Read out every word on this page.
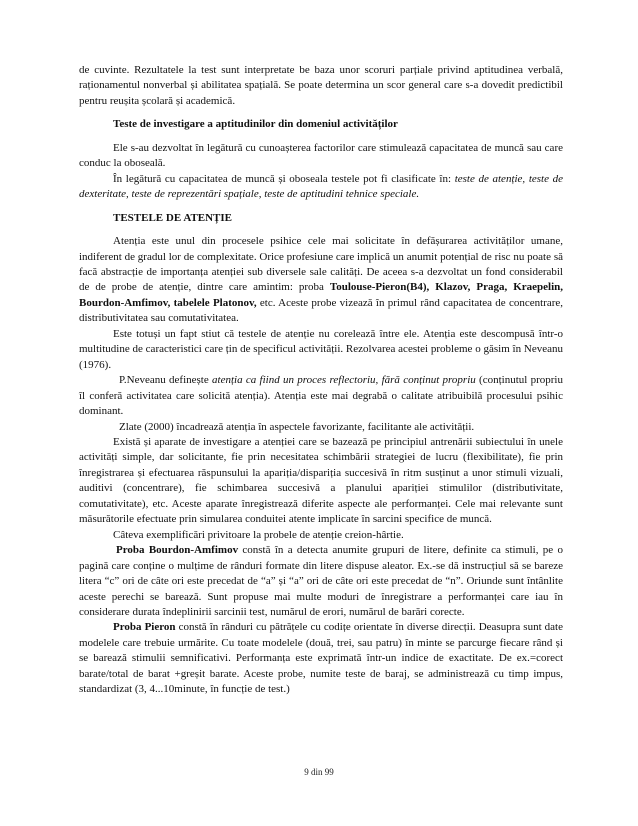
de cuvinte. Rezultatele la test sunt interpretate be baza unor scoruri parțiale privind aptitudinea verbală, raționamentul nonverbal și abilitatea spațială. Se poate determina un scor general care s-a dovedit predictibil pentru reușita școlară și academică.

Teste de investigare a aptitudinilor din domeniul activităților

Ele s-au dezvoltat în legătură cu cunoașterea factorilor care stimulează capacitatea de muncă sau care conduc la oboseală.

În legătură cu capacitatea de muncă și oboseala testele pot fi clasificate în: teste de atenție, teste de dexteritate, teste de reprezentări spațiale, teste de aptitudini tehnice speciale.

TESTELE DE ATENȚIE

Atenția este unul din procesele psihice cele mai solicitate în defășurarea activităților umane, indiferent de gradul lor de complexitate. Orice profesiune care implică un anumit potențial de risc nu poate să facă abstracție de importanța atenției sub diversele sale calități. De aceea s-a dezvoltat un fond considerabil de de probe de atenție, dintre care amintim: proba Toulouse-Pieron(B4), Klazov, Praga, Kraepelin, Bourdon-Amfimov, tabelele Platonov, etc. Aceste probe vizează în primul rând capacitatea de concentrare, distributivitatea sau comutativitatea.

Este totuși un fapt stiut că testele de atenție nu corelează între ele. Atenția este descompusă într-o multitudine de caracteristici care țin de specificul activității. Rezolvarea acestei probleme o găsim în Neveanu (1976).

P.Neveanu definește atenția ca fiind un proces reflectoriu, fără conținut propriu (conținutul propriu îl conferă activitatea care solicită atenția). Atenția este mai degrabă o calitate atribuibilă procesului psihic dominant.

Zlate (2000) încadrează atenția în aspectele favorizante, facilitante ale activității.

Există și aparate de investigare a atenției care se bazează pe principiul antrenării subiectului în unele activități simple, dar solicitante, fie prin necesitatea schimbării strategiei de lucru (flexibilitate), fie prin înregistrarea și efectuarea răspunsului la apariția/dispariția succesivă în ritm susținut a unor stimuli vizuali, auditivi (concentrare), fie schimbarea succesivă a planului apariției stimulilor (distributivitate, comutativitate), etc. Aceste aparate înregistrează diferite aspecte ale performanței. Cele mai relevante sunt măsurătorile efectuate prin simularea conduitei atente implicate în sarcini specifice de muncă.

Câteva exemplificări privitoare la probele de atenție creion-hârtie.

Proba Bourdon-Amfimov constă în a detecta anumite grupuri de litere, definite ca stimuli, pe o pagină care conține o mulțime de rânduri formate din litere dispuse aleator. Ex.-se dă instrucțiul să se bareze litera “c” ori de câte ori este precedat de “a” și “a” ori de câte ori este precedat de “n”. Oriunde sunt întânlite aceste perechi se barează. Sunt propuse mai multe moduri de înregistrare a performanței care iau în considerare durata îndeplinirii sarcinii test, numărul de erori, numărul de barări corecte.

Proba Pieron constă în rânduri cu pătrățele cu codițe orientate în diverse direcții. Deasupra sunt date modelele care trebuie urmărite. Cu toate modelele (două, trei, sau patru) în minte se parcurge fiecare rând și se barează stimulii semnificativi. Performanța este exprimată într-un indice de exactitate. De ex.=corect barate/total de barat +greșit barate. Aceste probe, numite teste de baraj, se administrează cu timp impus, standardizat (3, 4...10minute, în funcție de test.)

9 din 99
